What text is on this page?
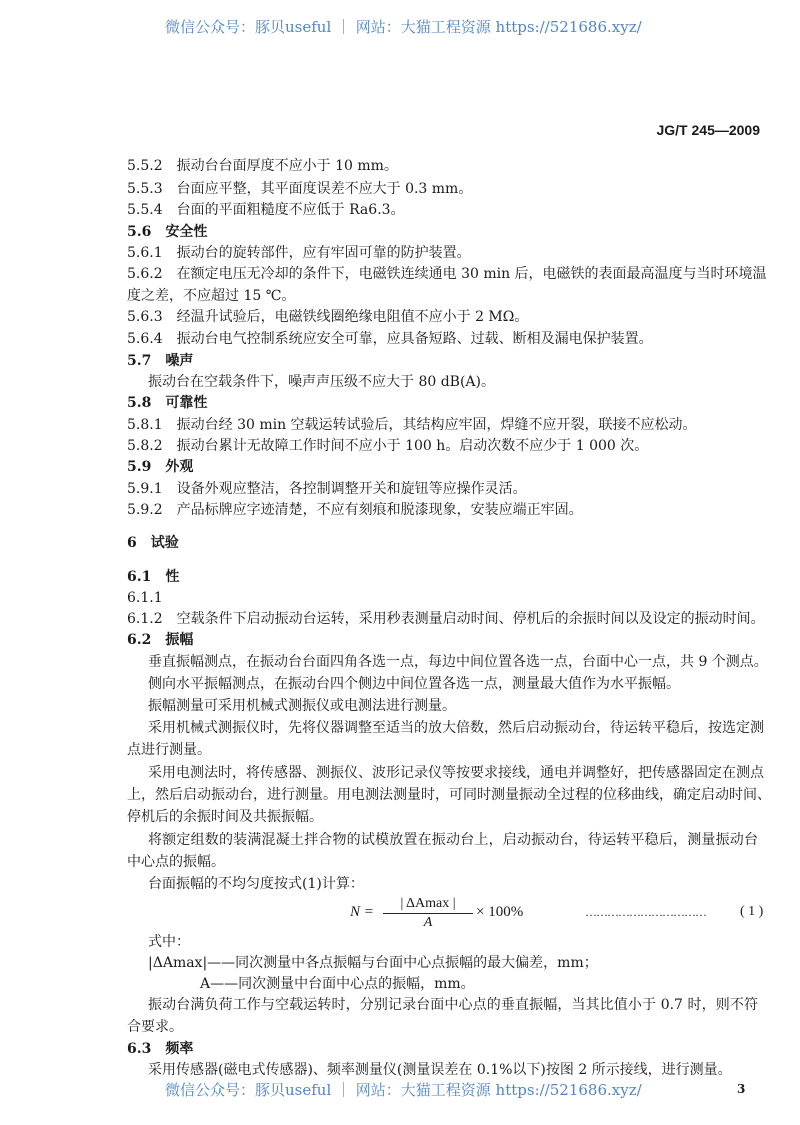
微信公众号：豚贝useful ｜ 网站：大猫工程资源 https://521686.xyz/
JG/T 245—2009
5.5.2　振动台台面厚度不应小于 10 mm。
5.5.3　台面应平整，其平面度误差不应大于 0.3 mm。
5.5.4　台面的平面粗糙度不应低于 Ra6.3。
5.6　安全性
5.6.1　振动台的旋转部件，应有牢固可靠的防护装置。
5.6.2　在额定电压无冷却的条件下，电磁铁连续通电 30 min 后，电磁铁的表面最高温度与当时环境温
度之差，不应超过 15 ℃。
5.6.3　经温升试验后，电磁铁线圈绝缘电阻值不应小于 2 MΩ。
5.6.4　振动台电气控制系统应安全可靠，应具备短路、过载、断相及漏电保护装置。
5.7　噪声
振动台在空载条件下，噪声声压级不应大于 80 dB(A)。
5.8　可靠性
5.8.1　振动台经 30 min 空载运转试验后，其结构应牢固，焊缝不应开裂，联接不应松动。
5.8.2　振动台累计无故障工作时间不应小于 100 h。启动次数不应少于 1 000 次。
5.9　外观
5.9.1　设备外观应整洁，各控制调整开关和旋钮等应操作灵活。
5.9.2　产品标牌应字迹清楚，不应有刻痕和脱漆现象，安装应端正牢固。
6　试验
6.1　性
6.1.1
6.1.2　空载条件下启动振动台运转，采用秒表测量启动时间、停机后的余振时间以及设定的振动时间。
6.2　振幅
垂直振幅测点，在振动台台面四角各选一点，每边中间位置各选一点，台面中心一点，共 9 个测点。
侧向水平振幅测点，在振动台四个侧边中间位置各选一点，测量最大值作为水平振幅。
振幅测量可采用机械式测振仪或电测法进行测量。
采用机械式测振仪时，先将仪器调整至适当的放大倍数，然后启动振动台，待运转平稳后，按选定测
点进行测量。
采用电测法时，将传感器、测振仪、波形记录仪等按要求接线，通电并调整好，把传感器固定在测点
上，然后启动振动台，进行测量。用电测法测量时，可同时测量振动全过程的位移曲线，确定启动时间、
停机后的余振时间及共振振幅。
将额定组数的装满混凝土拌合物的试模放置在振动台上，启动振动台，待运转平稳后，测量振动台
中心点的振幅。
台面振幅的不均匀度按式(1)计算：
N =
| ΔAmax |
A
× 100%	…………………………… ( 1 )
式中：
|ΔAmax|——同次测量中各点振幅与台面中心点振幅的最大偏差，mm；
A——同次测量中台面中心点的振幅，mm。
振动台满负荷工作与空载运转时，分别记录台面中心点的垂直振幅，当其比值小于 0.7 时，则不符
合要求。
6.3　频率
采用传感器(磁电式传感器)、频率测量仪(测量误差在 0.1%以下)按图 2 所示接线，进行测量。
微信公众号：豚贝useful ｜ 网站：大猫工程资源 https://521686.xyz/	3
